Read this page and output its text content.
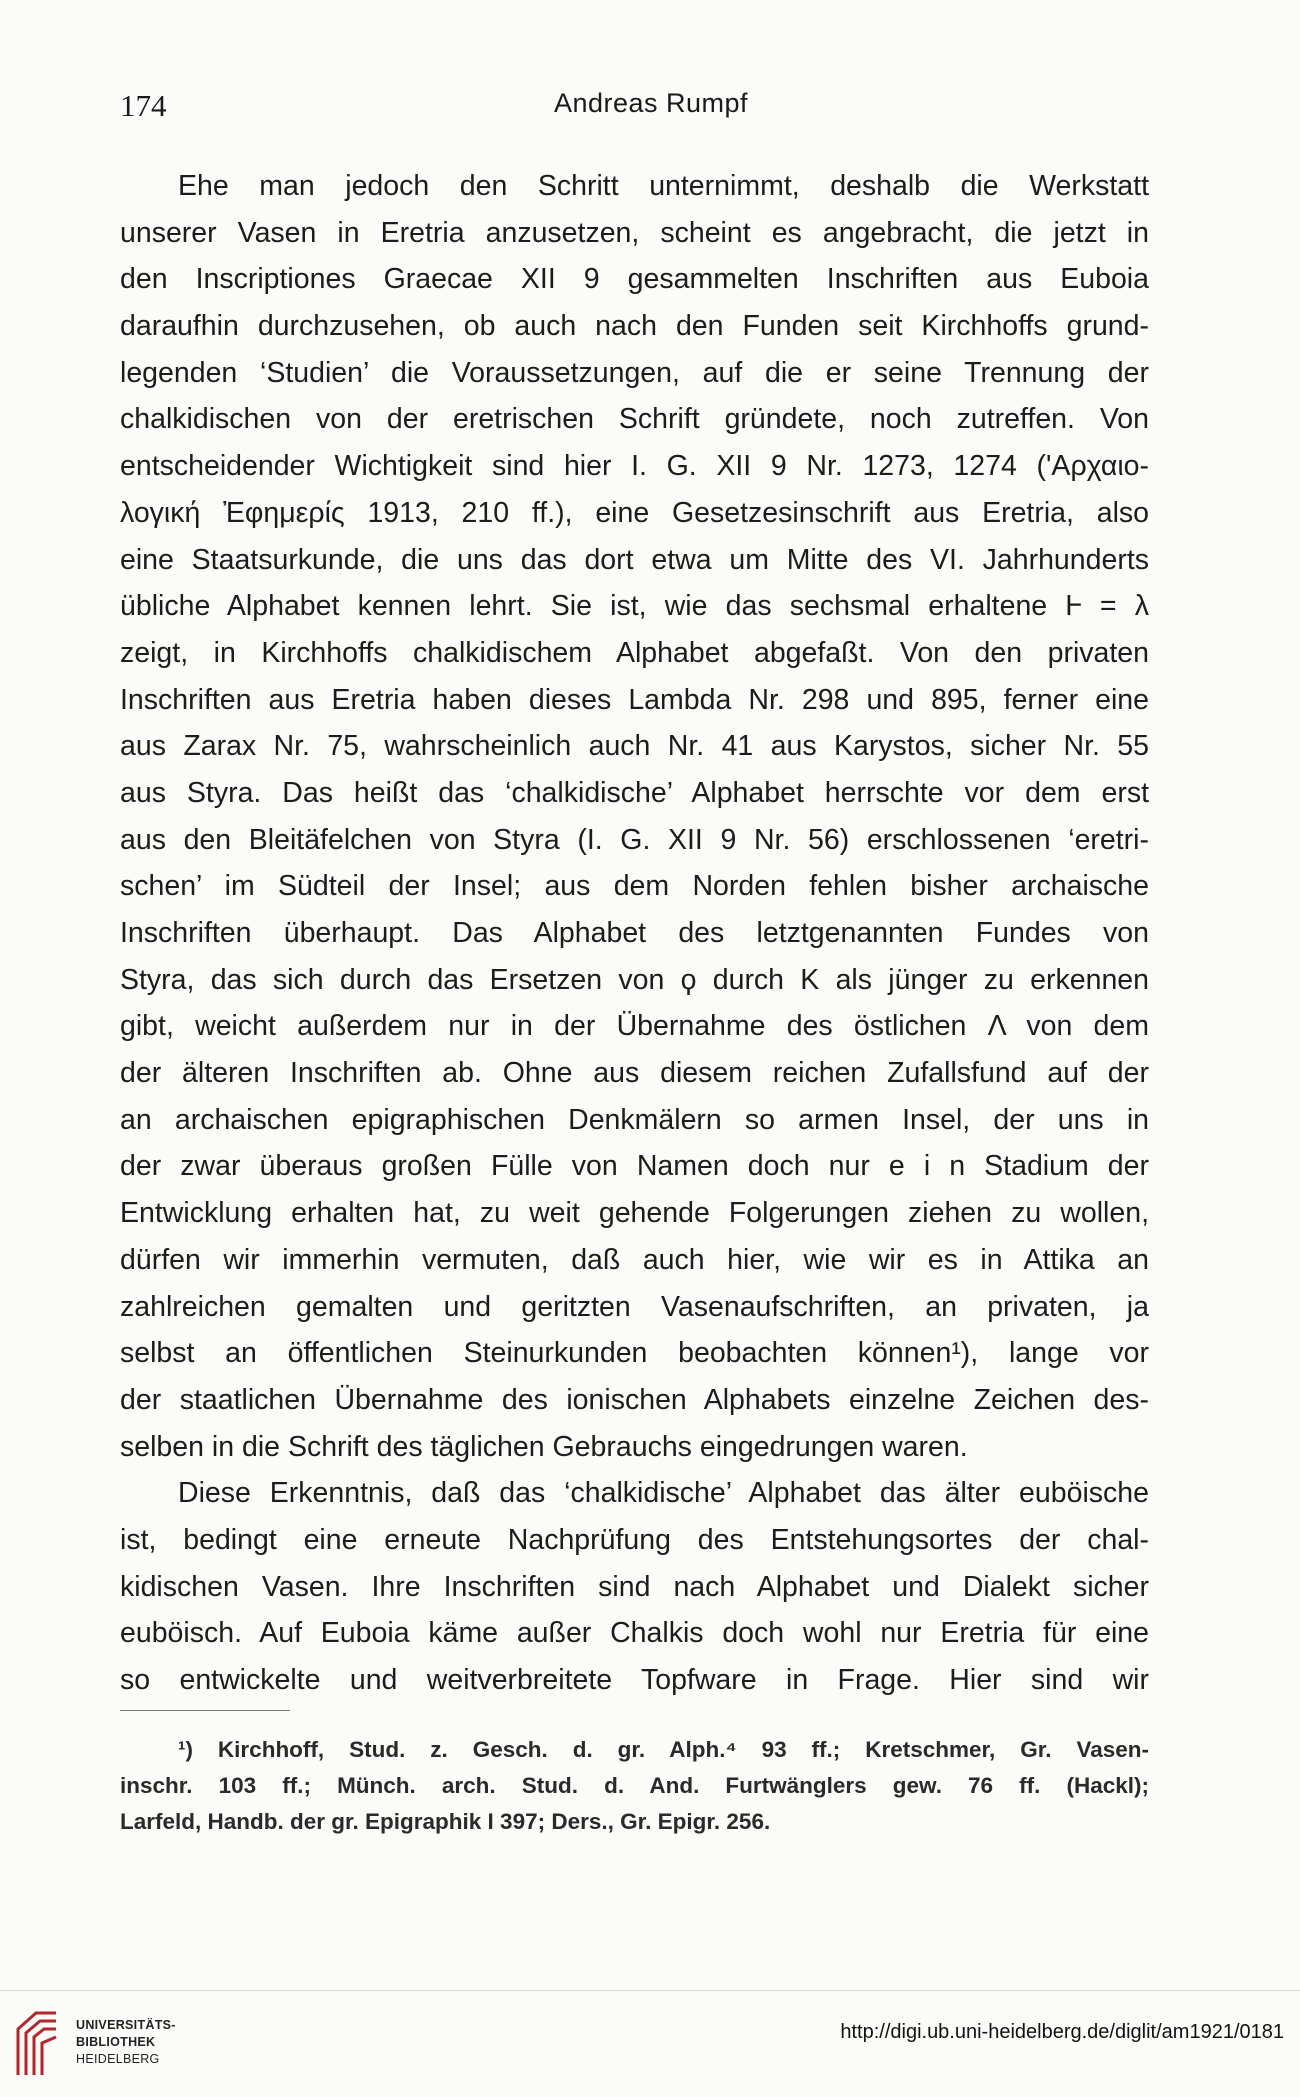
174	Andreas Rumpf
Ehe man jedoch den Schritt unternimmt, deshalb die Werkstatt
unserer Vasen in Eretria anzusetzen, scheint es angebracht, die jetzt in
den Inscriptiones Graecae XII 9 gesammelten Inschriften aus Euboia
daraufhin durchzusehen, ob auch nach den Funden seit Kirchhoffs grund-
legenden ‘Studien’ die Voraussetzungen, auf die er seine Trennung der
chalkidischen von der eretrischen Schrift gründete, noch zutreffen. Von
entscheidender Wichtigkeit sind hier I. G. XII 9 Nr. 1273, 1274 ('Αρχαιο-
λογική Ἐφημερίς 1913, 210 ff.), eine Gesetzesinschrift aus Eretria, also
eine Staatsurkunde, die uns das dort etwa um Mitte des VI. Jahrhunderts
übliche Alphabet kennen lehrt. Sie ist, wie das sechsmal erhaltene Ⱶ = λ
zeigt, in Kirchhoffs chalkidischem Alphabet abgefaßt. Von den privaten
Inschriften aus Eretria haben dieses Lambda Nr. 298 und 895, ferner eine
aus Zarax Nr. 75, wahrscheinlich auch Nr. 41 aus Karystos, sicher Nr. 55
aus Styra. Das heißt das ‘chalkidische’ Alphabet herrschte vor dem erst
aus den Bleitäfelchen von Styra (I. G. XII 9 Nr. 56) erschlossenen ‘eretri-
schen’ im Südteil der Insel; aus dem Norden fehlen bisher archaische
Inschriften überhaupt. Das Alphabet des letztgenannten Fundes von
Styra, das sich durch das Ersetzen von ϙ durch K als jünger zu erkennen
gibt, weicht außerdem nur in der Übernahme des östlichen Λ von dem
der älteren Inschriften ab. Ohne aus diesem reichen Zufallsfund auf der
an archaischen epigraphischen Denkmälern so armen Insel, der uns in
der zwar überaus großen Fülle von Namen doch nur e i n Stadium der
Entwicklung erhalten hat, zu weit gehende Folgerungen ziehen zu wollen,
dürfen wir immerhin vermuten, daß auch hier, wie wir es in Attika an
zahlreichen gemalten und geritzten Vasenaufschriften, an privaten, ja
selbst an öffentlichen Steinurkunden beobachten können¹), lange vor
der staatlichen Übernahme des ionischen Alphabets einzelne Zeichen des-
selben in die Schrift des täglichen Gebrauchs eingedrungen waren.
Diese Erkenntnis, daß das ‘chalkidische’ Alphabet das älter euböische
ist, bedingt eine erneute Nachprüfung des Entstehungsortes der chal-
kidischen Vasen. Ihre Inschriften sind nach Alphabet und Dialekt sicher
euböisch. Auf Euboia käme außer Chalkis doch wohl nur Eretria für eine
so entwickelte und weitverbreitete Topfware in Frage. Hier sind wir
¹) Kirchhoff, Stud. z. Gesch. d. gr. Alph.⁴ 93 ff.; Kretschmer, Gr. Vasen-
inschr. 103 ff.; Münch. arch. Stud. d. And. Furtwänglers gew. 76 ff. (Hackl);
Larfeld, Handb. der gr. Epigraphik I 397; Ders., Gr. Epigr. 256.
UNIVERSITÄTS-
BIBLIOTHEK
HEIDELBERG
http://digi.ub.uni-heidelberg.de/diglit/am1921/0181
